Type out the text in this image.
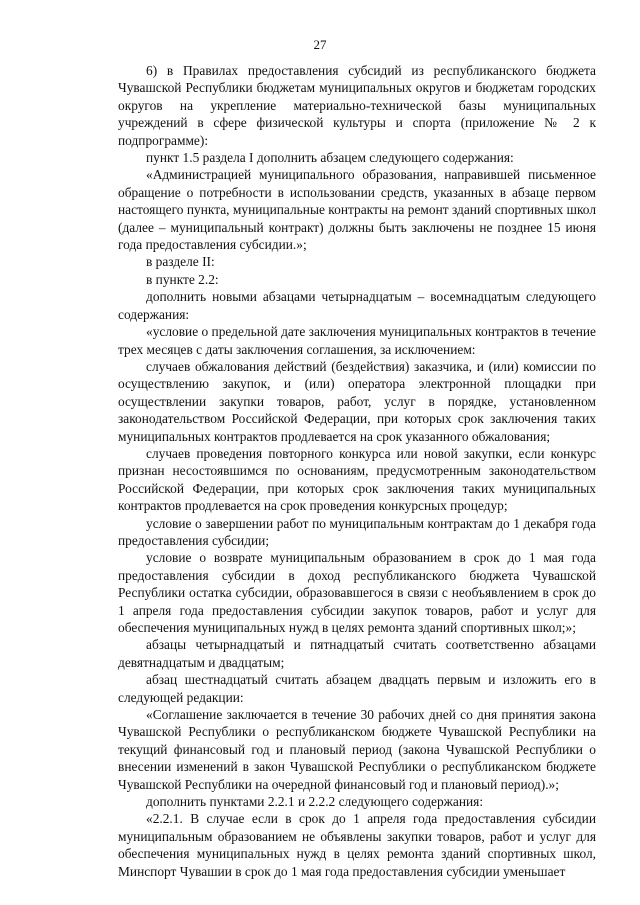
27

6) в Правилах предоставления субсидий из республиканского бюджета Чувашской Республики бюджетам муниципальных округов и бюджетам городских округов на укрепление материально-технической базы муниципальных учреждений в сфере физической культуры и спорта (приложение № 2 к подпрограмме):

пункт 1.5 раздела I дополнить абзацем следующего содержания:

«Администрацией муниципального образования, направившей письменное обращение о потребности в использовании средств, указанных в абзаце первом настоящего пункта, муниципальные контракты на ремонт зданий спортивных школ (далее – муниципальный контракт) должны быть заключены не позднее 15 июня года предоставления субсидии.»;

в разделе II:

в пункте 2.2:

дополнить новыми абзацами четырнадцатым – восемнадцатым следующего содержания:

«условие о предельной дате заключения муниципальных контрактов в течение трех месяцев с даты заключения соглашения, за исключением:

случаев обжалования действий (бездействия) заказчика, и (или) комиссии по осуществлению закупок, и (или) оператора электронной площадки при осуществлении закупки товаров, работ, услуг в порядке, установленном законодательством Российской Федерации, при которых срок заключения таких муниципальных контрактов продлевается на срок указанного обжалования;

случаев проведения повторного конкурса или новой закупки, если конкурс признан несостоявшимся по основаниям, предусмотренным законодательством Российской Федерации, при которых срок заключения таких муниципальных контрактов продлевается на срок проведения конкурсных процедур;

условие о завершении работ по муниципальным контрактам до 1 декабря года предоставления субсидии;

условие о возврате муниципальным образованием в срок до 1 мая года предоставления субсидии в доход республиканского бюджета Чувашской Республики остатка субсидии, образовавшегося в связи с необъявлением в срок до 1 апреля года предоставления субсидии закупок товаров, работ и услуг для обеспечения муниципальных нужд в целях ремонта зданий спортивных школ;»;

абзацы четырнадцатый и пятнадцатый считать соответственно абзацами девятнадцатым и двадцатым;

абзац шестнадцатый считать абзацем двадцать первым и изложить его в следующей редакции:

«Соглашение заключается в течение 30 рабочих дней со дня принятия закона Чувашской Республики о республиканском бюджете Чувашской Республики на текущий финансовый год и плановый период (закона Чувашской Республики о внесении изменений в закон Чувашской Республики о республиканском бюджете Чувашской Республики на очередной финансовый год и плановый период).»;

дополнить пунктами 2.2.1 и 2.2.2 следующего содержания:

«2.2.1. В случае если в срок до 1 апреля года предоставления субсидии муниципальным образованием не объявлены закупки товаров, работ и услуг для обеспечения муниципальных нужд в целях ремонта зданий спортивных школ, Минспорт Чувашии в срок до 1 мая года предоставления субсидии уменьшает
